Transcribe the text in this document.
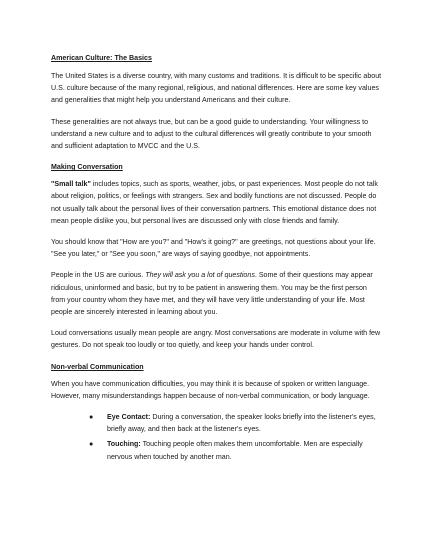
American Culture: The Basics

The United States is a diverse country, with many customs and traditions. It is difficult to be specific about U.S. culture because of the many regional, religious, and national differences. Here are some key values and generalities that might help you understand Americans and their culture.

These generalities are not always true, but can be a good guide to understanding. Your willingness to understand a new culture and to adjust to the cultural differences will greatly contribute to your smooth and sufficient adaptation to MVCC and the U.S.

Making Conversation

"Small talk" includes topics, such as sports, weather, jobs, or past experiences. Most people do not talk about religion, politics, or feelings with strangers. Sex and bodily functions are not discussed. People do not usually talk about the personal lives of their conversation partners. This emotional distance does not mean people dislike you, but personal lives are discussed only with close friends and family.

You should know that "How are you?" and "How's it going?" are greetings, not questions about your life. "See you later," or "See you soon," are ways of saying goodbye, not appointments.

People in the US are curious. They will ask you a lot of questions. Some of their questions may appear ridiculous, uninformed and basic, but try to be patient in answering them. You may be the first person from your country whom they have met, and they will have very little understanding of your life. Most people are sincerely interested in learning about you.

Loud conversations usually mean people are angry. Most conversations are moderate in volume with few gestures. Do not speak too loudly or too quietly, and keep your hands under control.

Non-verbal Communication

When you have communication difficulties, you may think it is because of spoken or written language. However, many misunderstandings happen because of non-verbal communication, or body language.

● Eye Contact: During a conversation, the speaker looks briefly into the listener's eyes, briefly away, and then back at the listener's eyes.
● Touching: Touching people often makes them uncomfortable. Men are especially nervous when touched by another man.
